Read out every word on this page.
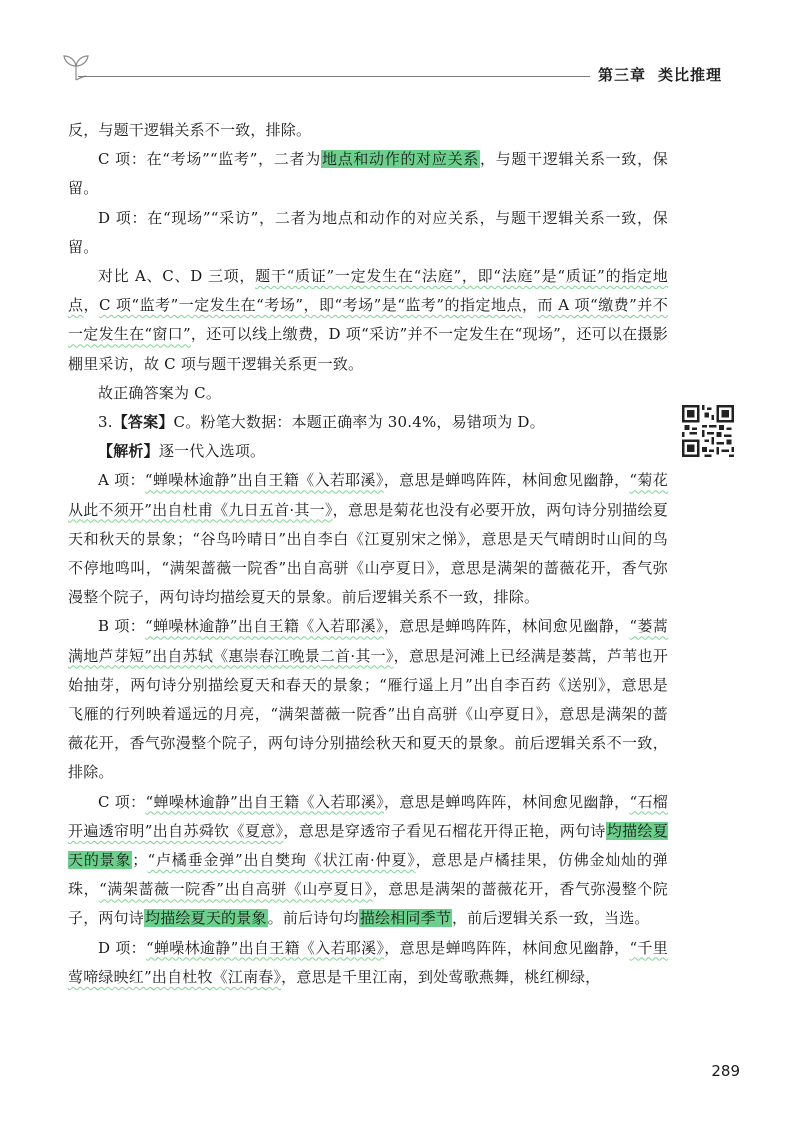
第三章 类比推理

反，与题干逻辑关系不一致，排除。

C 项：在“考场”“监考”，二者为地点和动作的对应关系，与题干逻辑关系一致，保留。

D 项：在“现场”“采访”，二者为地点和动作的对应关系，与题干逻辑关系一致，保留。

对比 A、C、D 三项，题干“质证”一定发生在“法庭”，即“法庭”是“质证”的指定地点，C 项“监考”一定发生在“考场”，即“考场”是“监考”的指定地点，而 A 项“缴费”并不一定发生在“窗口”，还可以线上缴费，D 项“采访”并不一定发生在“现场”，还可以在摄影棚里采访，故 C 项与题干逻辑关系更一致。

故正确答案为 C。

3.【答案】C。粉笔大数据：本题正确率为 30.4%，易错项为 D。

【解析】逐一代入选项。

A 项：“蝉噪林逾静”出自王籍《入若耶溪》，意思是蝉鸣阵阵，林间愈见幽静，“菊花从此不须开”出自杜甫《九日五首·其一》，意思是菊花也没有必要开放，两句诗分别描绘夏天和秋天的景象；“谷鸟吟晴日”出自李白《江夏别宋之悌》，意思是天气晴朗时山间的鸟不停地鸣叫，“满架蔷薇一院香”出自高骈《山亭夏日》，意思是满架的蔷薇花开，香气弥漫整个院子，两句诗均描绘夏天的景象。前后逻辑关系不一致，排除。

B 项：“蝉噪林逾静”出自王籍《入若耶溪》，意思是蝉鸣阵阵，林间愈见幽静，“蒌蒿满地芦芽短”出自苏轼《惠崇春江晚景二首·其一》，意思是河滩上已经满是蒌蒿，芦苇也开始抽芽，两句诗分别描绘夏天和春天的景象；“雁行遥上月”出自李百药《送别》，意思是飞雁的行列映着遥远的月亮，“满架蔷薇一院香”出自高骈《山亭夏日》，意思是满架的蔷薇花开，香气弥漫整个院子，两句诗分别描绘秋天和夏天的景象。前后逻辑关系不一致，排除。

C 项：“蝉噪林逾静”出自王籍《入若耶溪》，意思是蝉鸣阵阵，林间愈见幽静，“石榴开遍透帘明”出自苏舜钦《夏意》，意思是穿透帘子看见石榴花开得正艳，两句诗均描绘夏天的景象；“卢橘垂金弹”出自樊珣《状江南·仲夏》，意思是卢橘挂果，仿佛金灿灿的弹珠，“满架蔷薇一院香”出自高骈《山亭夏日》，意思是满架的蔷薇花开，香气弥漫整个院子，两句诗均描绘夏天的景象。前后诗句均描绘相同季节，前后逻辑关系一致，当选。

D 项：“蝉噪林逾静”出自王籍《入若耶溪》，意思是蝉鸣阵阵，林间愈见幽静，“千里莺啼绿映红”出自杜牧《江南春》，意思是千里江南，到处莺歌燕舞，桃红柳绿，

289
